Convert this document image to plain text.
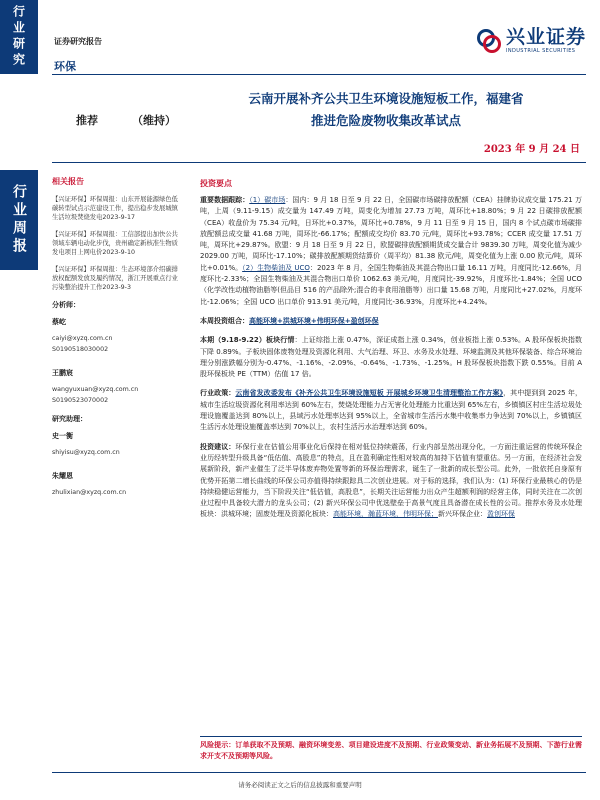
行业研究
行业周报
证券研究报告
环保
兴业证券
INDUSTRIAL SECURITIES
云南开展补齐公共卫生环境设施短板工作，福建省
推进危险废物收集改革试点
推荐	（维持）
2023 年 9 月 24 日
相关报告
【兴证环保】环保周报：山东开展能源绿色低碳转型试点示范建设工作，提出稳步发展城镇生活垃圾焚烧发电2023-9-17
【兴证环保】环保周报：工信部提出加快公共领域车辆电动化步伐，贵州确定新核准生物质发电项目上网电价2023-9-10
【兴证环保】环保周报：生态环境部介绍碳排放权配额发放及履约情况，浙江开展重点行业污染整治提升工作2023-9-3
分析师：
蔡屹
caiyi@xyzq.com.cn
S0190518030002
王鹏宸
wangyuxuan@xyzq.com.cn
S0190523070002
研究助理：
史一衡
shiyisu@xyzq.com.cn
朱耀恩
zhulixian@xyzq.com.cn
投资要点

重要数据跟踪：（1）碳市场：国内：9 月 18 日至 9 月 22 日，全国碳市场碳排放配额（CEA）挂牌协议成交量 175.21 万吨，上周（9.11-9.15）成交量为 147.49 万吨，周变化为增加 27.73 万吨，周环比+18.80%；9 月 22 日碳排放配额（CEA）收盘价为 75.34 元/吨，日环比+0.37%，周环比+0.78%，9 月 11 日至 9 月 15 日，国内 8 个试点碳市场碳排放配额总成交量 41.68 万吨，周环比-66.17%；配额成交均价 83.70 元/吨，周环比+93.78%；CCER 成交量 17.51 万吨，周环比+29.87%。欧盟：9 月 18 日至 9 月 22 日，欧盟碳排放配额期货成交量合计 9839.30 万吨，周变化值为减少 2029.00 万吨，周环比-17.10%；碳排放配额期货结算价（周平均）81.38 欧元/吨，周变化值为上涨 0.00 欧元/吨，周环比+0.01%。（2）生物柴油及 UCO：2023 年 8 月，全国生物柴油及其混合物出口量 16.11 万吨，月度同比-12.66%，月度环比-2.33%；全国生物柴油及其混合物出口单价 1062.63 美元/吨，月度同比-39.92%，月度环比-1.84%；全国 UCO（化学改性动植物油脂等(但品目 516 的产品除外;混合的非食用油脂等）出口量 15.68 万吨，月度同比+27.02%，月度环比-12.06%；全国 UCO 出口单价 913.91 美元/吨，月度同比-36.93%，月度环比+4.24%。

本周投资组合：高能环境+洪城环境+伟明环保+盈创环保

本期（9.18-9.22）板块行情：上证综指上涨 0.47%，深证成指上涨 0.34%，创业板指上涨 0.53%。A 股环保板块指数下降 0.89%。子板块固体废物处理及资源化利用、大气治理、环卫、水务及水处理、环境监测及其他环保装备、综合环境治理分别涨跌幅分别为-0.47%、-1.16%、-2.09%、-0.64%、-1.73%、-1.25%。H 股环保板块指数下跌 0.55%。目前 A 股环保板块 PE（TTM）估值 17 倍。

行业政策：云南省发改委发布《补齐公共卫生环境设施短板 开展城乡环境卫生清理整治工作方案》，其中提到到 2025 年，城市生活垃圾资源化利用率达到 60%左右，焚烧处理能力占无害化处理能力比重达到 65%左右，乡镇镇区村庄生活垃圾处理设施覆盖达到 80%以上，县域污水处理率达到 95%以上，全省城市生活污水集中收集率力争达到 70%以上，乡镇镇区生活污水处理设施覆盖率达到 70%以上，农村生活污水治理率达到 60%。

投资建议：环保行业在估值公用事业化后保持在相对低位持续震荡，行业内部呈然出现分化，一方面注重运营的传统环保企业历经转型升级具备“低估值、高股息”的特点，且在盈利确定性相对较高的加持下估值有望重估。另一方面，在经济社会发展新阶段，新产业催生了泛半导体废弃物处置等新的环保治理需求，诞生了一批新的成长型公司。此外，一批依托自身原有优势开拓第二增长曲线的环保公司亦值得持续跟踪具二次创业进展。对于标的选择，我们认为：(1) 环保行业最核心的仍是持续稳健运营能力，当下阶段关注“低估值，高股息”，长期关注运营能力出众产生超额利润的经营主体，同时关注在二次创业过程中具备较大潜力的龙头公司；(2) 新兴环保公司中优选壁垒于高景气度且具备潜在成长性的公司。推荐水务及水处理板块：洪城环境；固废处理及资源化板块：高能环境，瀚蓝环境，伟明环保；新兴环保企业：盈创环保

风险提示：订单获取不及预期、融资环境变差、项目建设进度不及预期、行业政策变动、新业务拓展不及预期、下游行业需求开支不及预期等风险。
请务必阅读正文之后的信息披露和重要声明
